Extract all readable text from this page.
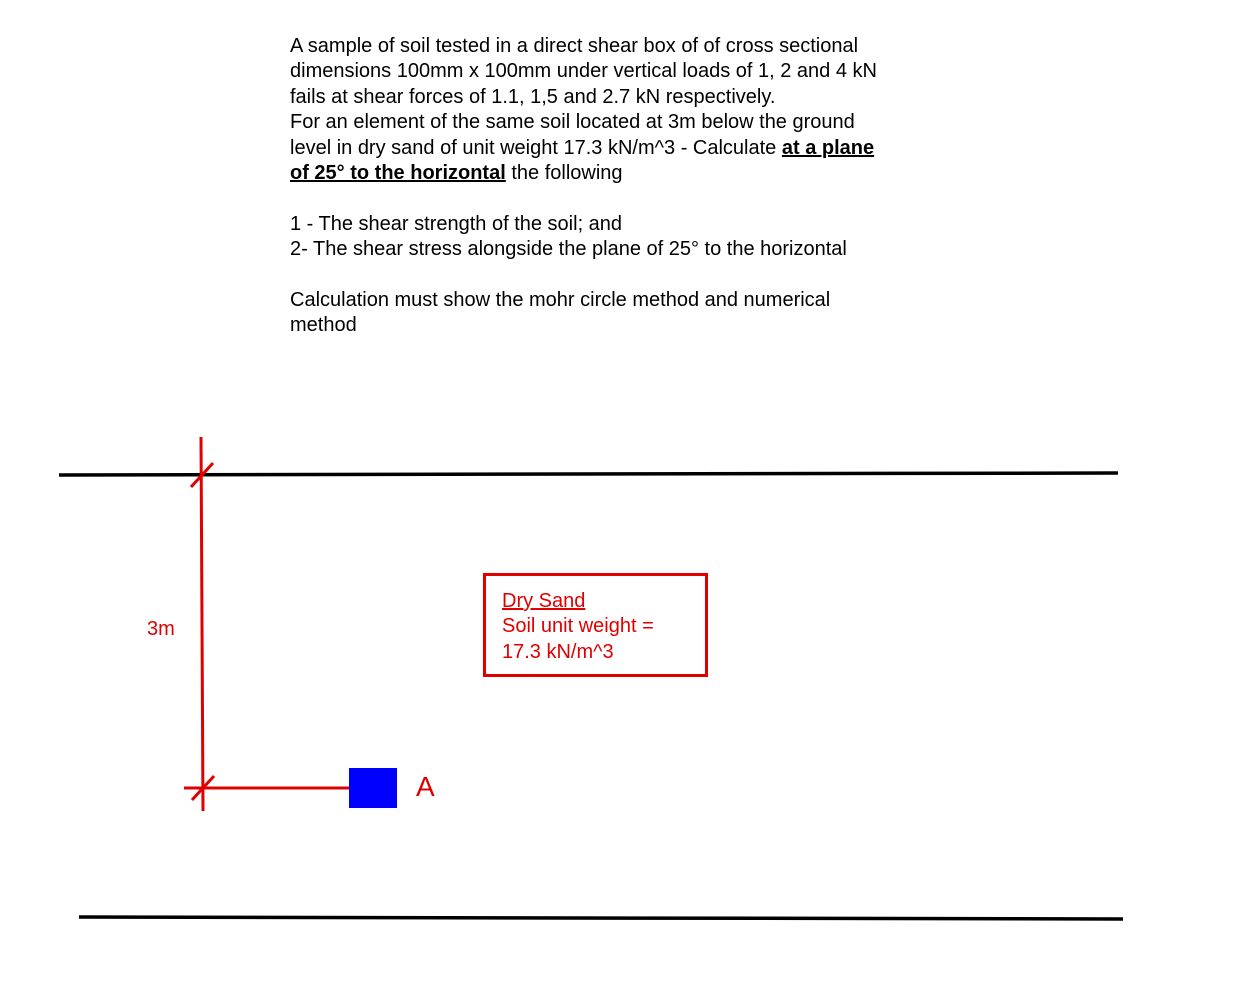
A sample of soil tested in a direct shear box of of cross sectional
dimensions 100mm x 100mm under vertical loads of 1, 2 and 4 kN
fails at shear forces of 1.1, 1,5 and 2.7 kN respectively.
For an element of the same soil located at 3m below the ground
level in dry sand of unit weight 17.3 kN/m^3 - Calculate at a plane
of 25° to the horizontal the following
1 - The shear strength of the soil; and
2- The shear stress alongside the plane of 25° to the horizontal
Calculation must show the mohr circle method and numerical
method
3m
Dry Sand
Soil unit weight =
17.3 kN/m^3
A
